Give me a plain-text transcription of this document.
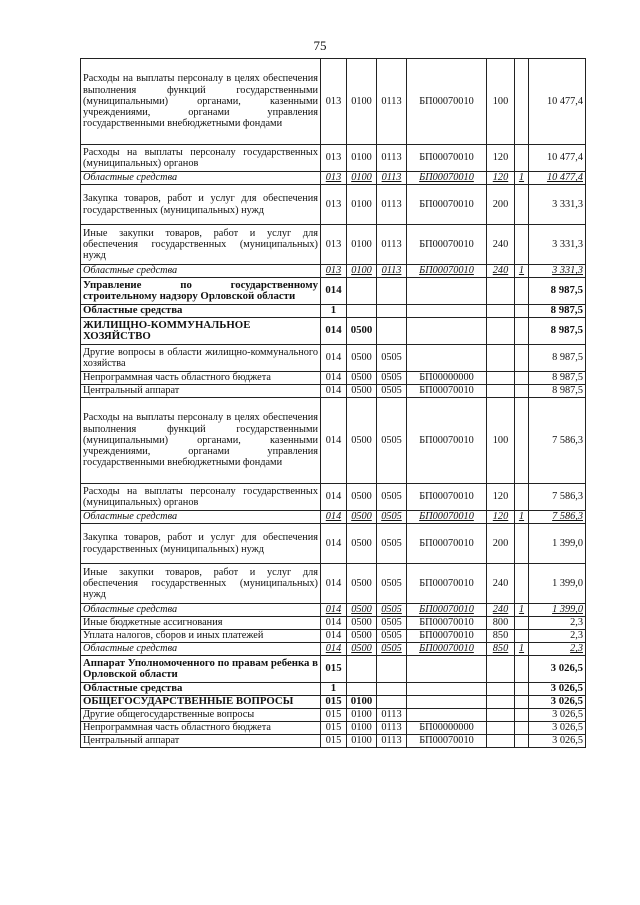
75
Расходы на выплаты персоналу в целях обеспечения выполнения функций государственными (муниципальными) органами, казенными учреждениями, органами управления государственными внебюджетными фондами	013	0100	0113	БП00070010	100		10 477,4
Расходы на выплаты персоналу государственных (муниципальных) органов	013	0100	0113	БП00070010	120		10 477,4
Областные средства	013	0100	0113	БП00070010	120	1	10 477,4
Закупка товаров, работ и услуг для обеспечения государственных (муниципальных) нужд	013	0100	0113	БП00070010	200		3 331,3
Иные закупки товаров, работ и услуг для обеспечения государственных (муниципальных) нужд	013	0100	0113	БП00070010	240		3 331,3
Областные средства	013	0100	0113	БП00070010	240	1	3 331,3
Управление по государственному строительному надзору Орловской области	014						8 987,5
Областные средства	1						8 987,5
ЖИЛИЩНО-КОММУНАЛЬНОЕ ХОЗЯЙСТВО	014	0500					8 987,5
Другие вопросы в области жилищно-коммунального хозяйства	014	0500	0505				8 987,5
Непрограммная часть областного бюджета	014	0500	0505	БП00000000			8 987,5
Центральный аппарат	014	0500	0505	БП00070010			8 987,5
Расходы на выплаты персоналу в целях обеспечения выполнения функций государственными (муниципальными) органами, казенными учреждениями, органами управления государственными внебюджетными фондами	014	0500	0505	БП00070010	100		7 586,3
Расходы на выплаты персоналу государственных (муниципальных) органов	014	0500	0505	БП00070010	120		7 586,3
Областные средства	014	0500	0505	БП00070010	120	1	7 586,3
Закупка товаров, работ и услуг для обеспечения государственных (муниципальных) нужд	014	0500	0505	БП00070010	200		1 399,0
Иные закупки товаров, работ и услуг для обеспечения государственных (муниципальных) нужд	014	0500	0505	БП00070010	240		1 399,0
Областные средства	014	0500	0505	БП00070010	240	1	1 399,0
Иные бюджетные ассигнования	014	0500	0505	БП00070010	800		2,3
Уплата налогов, сборов и иных платежей	014	0500	0505	БП00070010	850		2,3
Областные средства	014	0500	0505	БП00070010	850	1	2,3
Аппарат Уполномоченного по правам ребенка в Орловской области	015						3 026,5
Областные средства	1						3 026,5
ОБЩЕГОСУДАРСТВЕННЫЕ ВОПРОСЫ	015	0100					3 026,5
Другие общегосударственные вопросы	015	0100	0113				3 026,5
Непрограммная часть областного бюджета	015	0100	0113	БП00000000			3 026,5
Центральный аппарат	015	0100	0113	БП00070010			3 026,5
